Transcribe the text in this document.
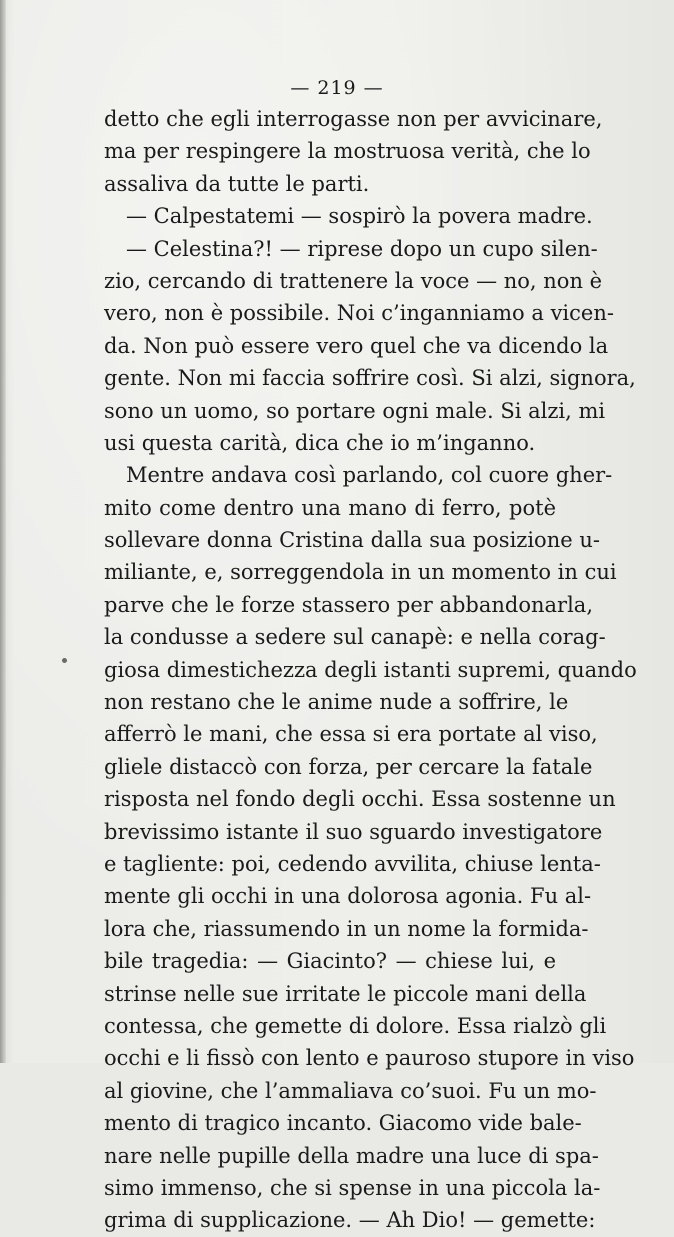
— 219 —
detto che egli interrogasse non per avvicinare,
ma per respingere la mostruosa verità, che lo
assaliva da tutte le parti.
— Calpestatemi — sospirò la povera madre.
— Celestina?! — riprese dopo un cupo silen-
zio, cercando di trattenere la voce — no, non è
vero, non è possibile. Noi c’inganniamo a vicen-
da. Non può essere vero quel che va dicendo la
gente. Non mi faccia soffrire così. Si alzi, signora,
sono un uomo, so portare ogni male. Si alzi, mi
usi questa carità, dica che io m’inganno.
Mentre andava così parlando, col cuore gher-
mito come dentro una mano di ferro, potè
sollevare donna Cristina dalla sua posizione u-
miliante, e, sorreggendola in un momento in cui
parve che le forze stassero per abbandonarla,
la condusse a sedere sul canapè: e nella corag-
giosa dimestichezza degli istanti supremi, quando
non restano che le anime nude a soffrire, le
afferrò le mani, che essa si era portate al viso,
gliele distaccò con forza, per cercare la fatale
risposta nel fondo degli occhi. Essa sostenne un
brevissimo istante il suo sguardo investigatore
e tagliente: poi, cedendo avvilita, chiuse lenta-
mente gli occhi in una dolorosa agonia. Fu al-
lora che, riassumendo in un nome la formida-
bile tragedia: — Giacinto? — chiese lui, e
strinse nelle sue irritate le piccole mani della
contessa, che gemette di dolore. Essa rialzò gli
occhi e li fissò con lento e pauroso stupore in viso
al giovine, che l’ammaliava co’suoi. Fu un mo-
mento di tragico incanto. Giacomo vide bale-
nare nelle pupille della madre una luce di spa-
simo immenso, che si spense in una piccola la-
grima di supplicazione. — Ah Dio! — gemette:
